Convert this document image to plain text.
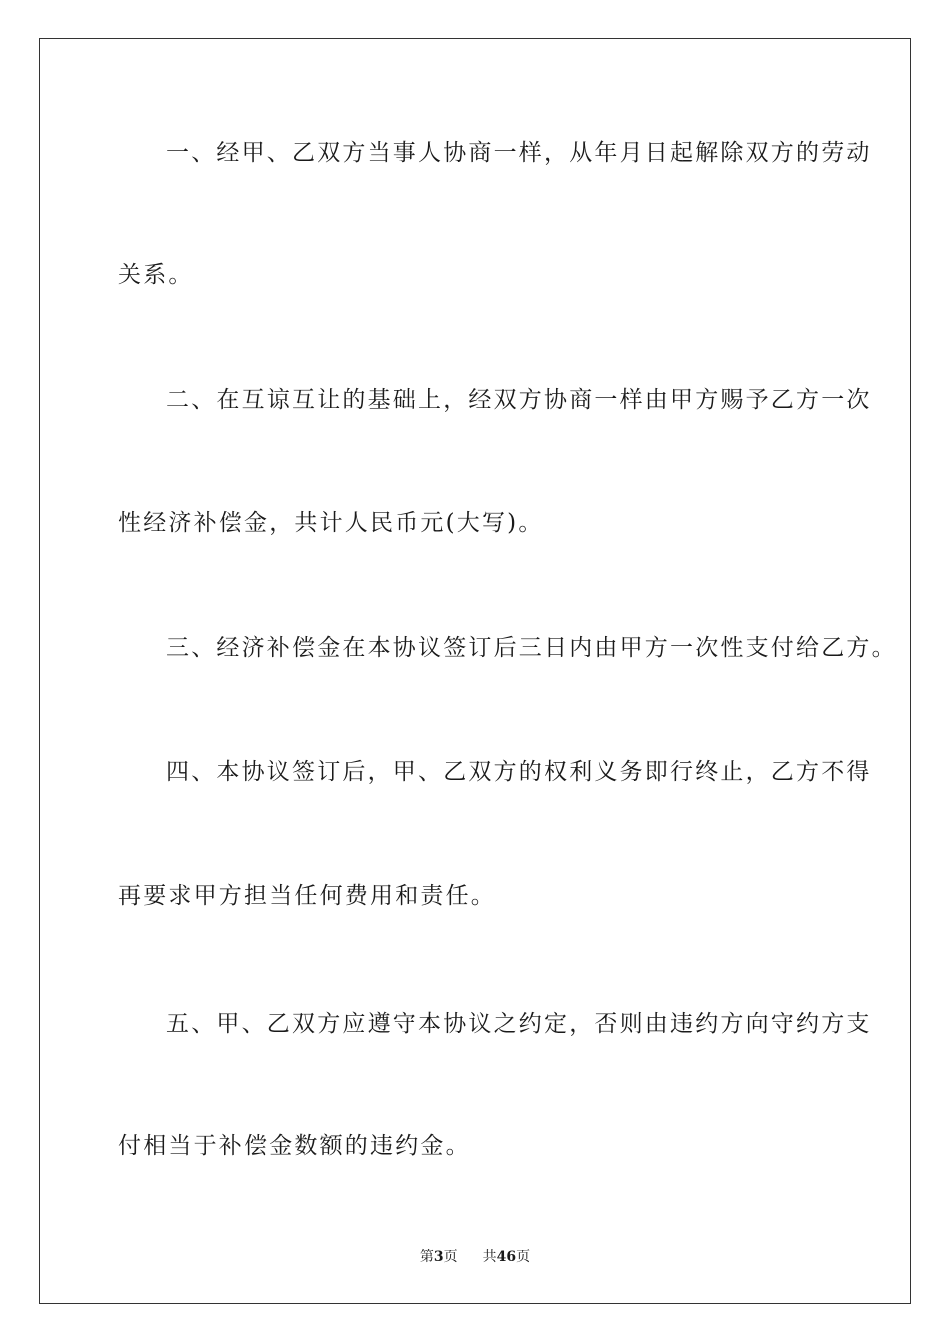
一、经甲、乙双方当事人协商一样，从年月日起解除双方的劳动

关系。

二、在互谅互让的基础上，经双方协商一样由甲方赐予乙方一次

性经济补偿金，共计人民币元(大写)。

三、经济补偿金在本协议签订后三日内由甲方一次性支付给乙方。

四、本协议签订后，甲、乙双方的权利义务即行终止，乙方不得

再要求甲方担当任何费用和责任。

五、甲、乙双方应遵守本协议之约定，否则由违约方向守约方支

付相当于补偿金数额的违约金。

第3页 共46页
